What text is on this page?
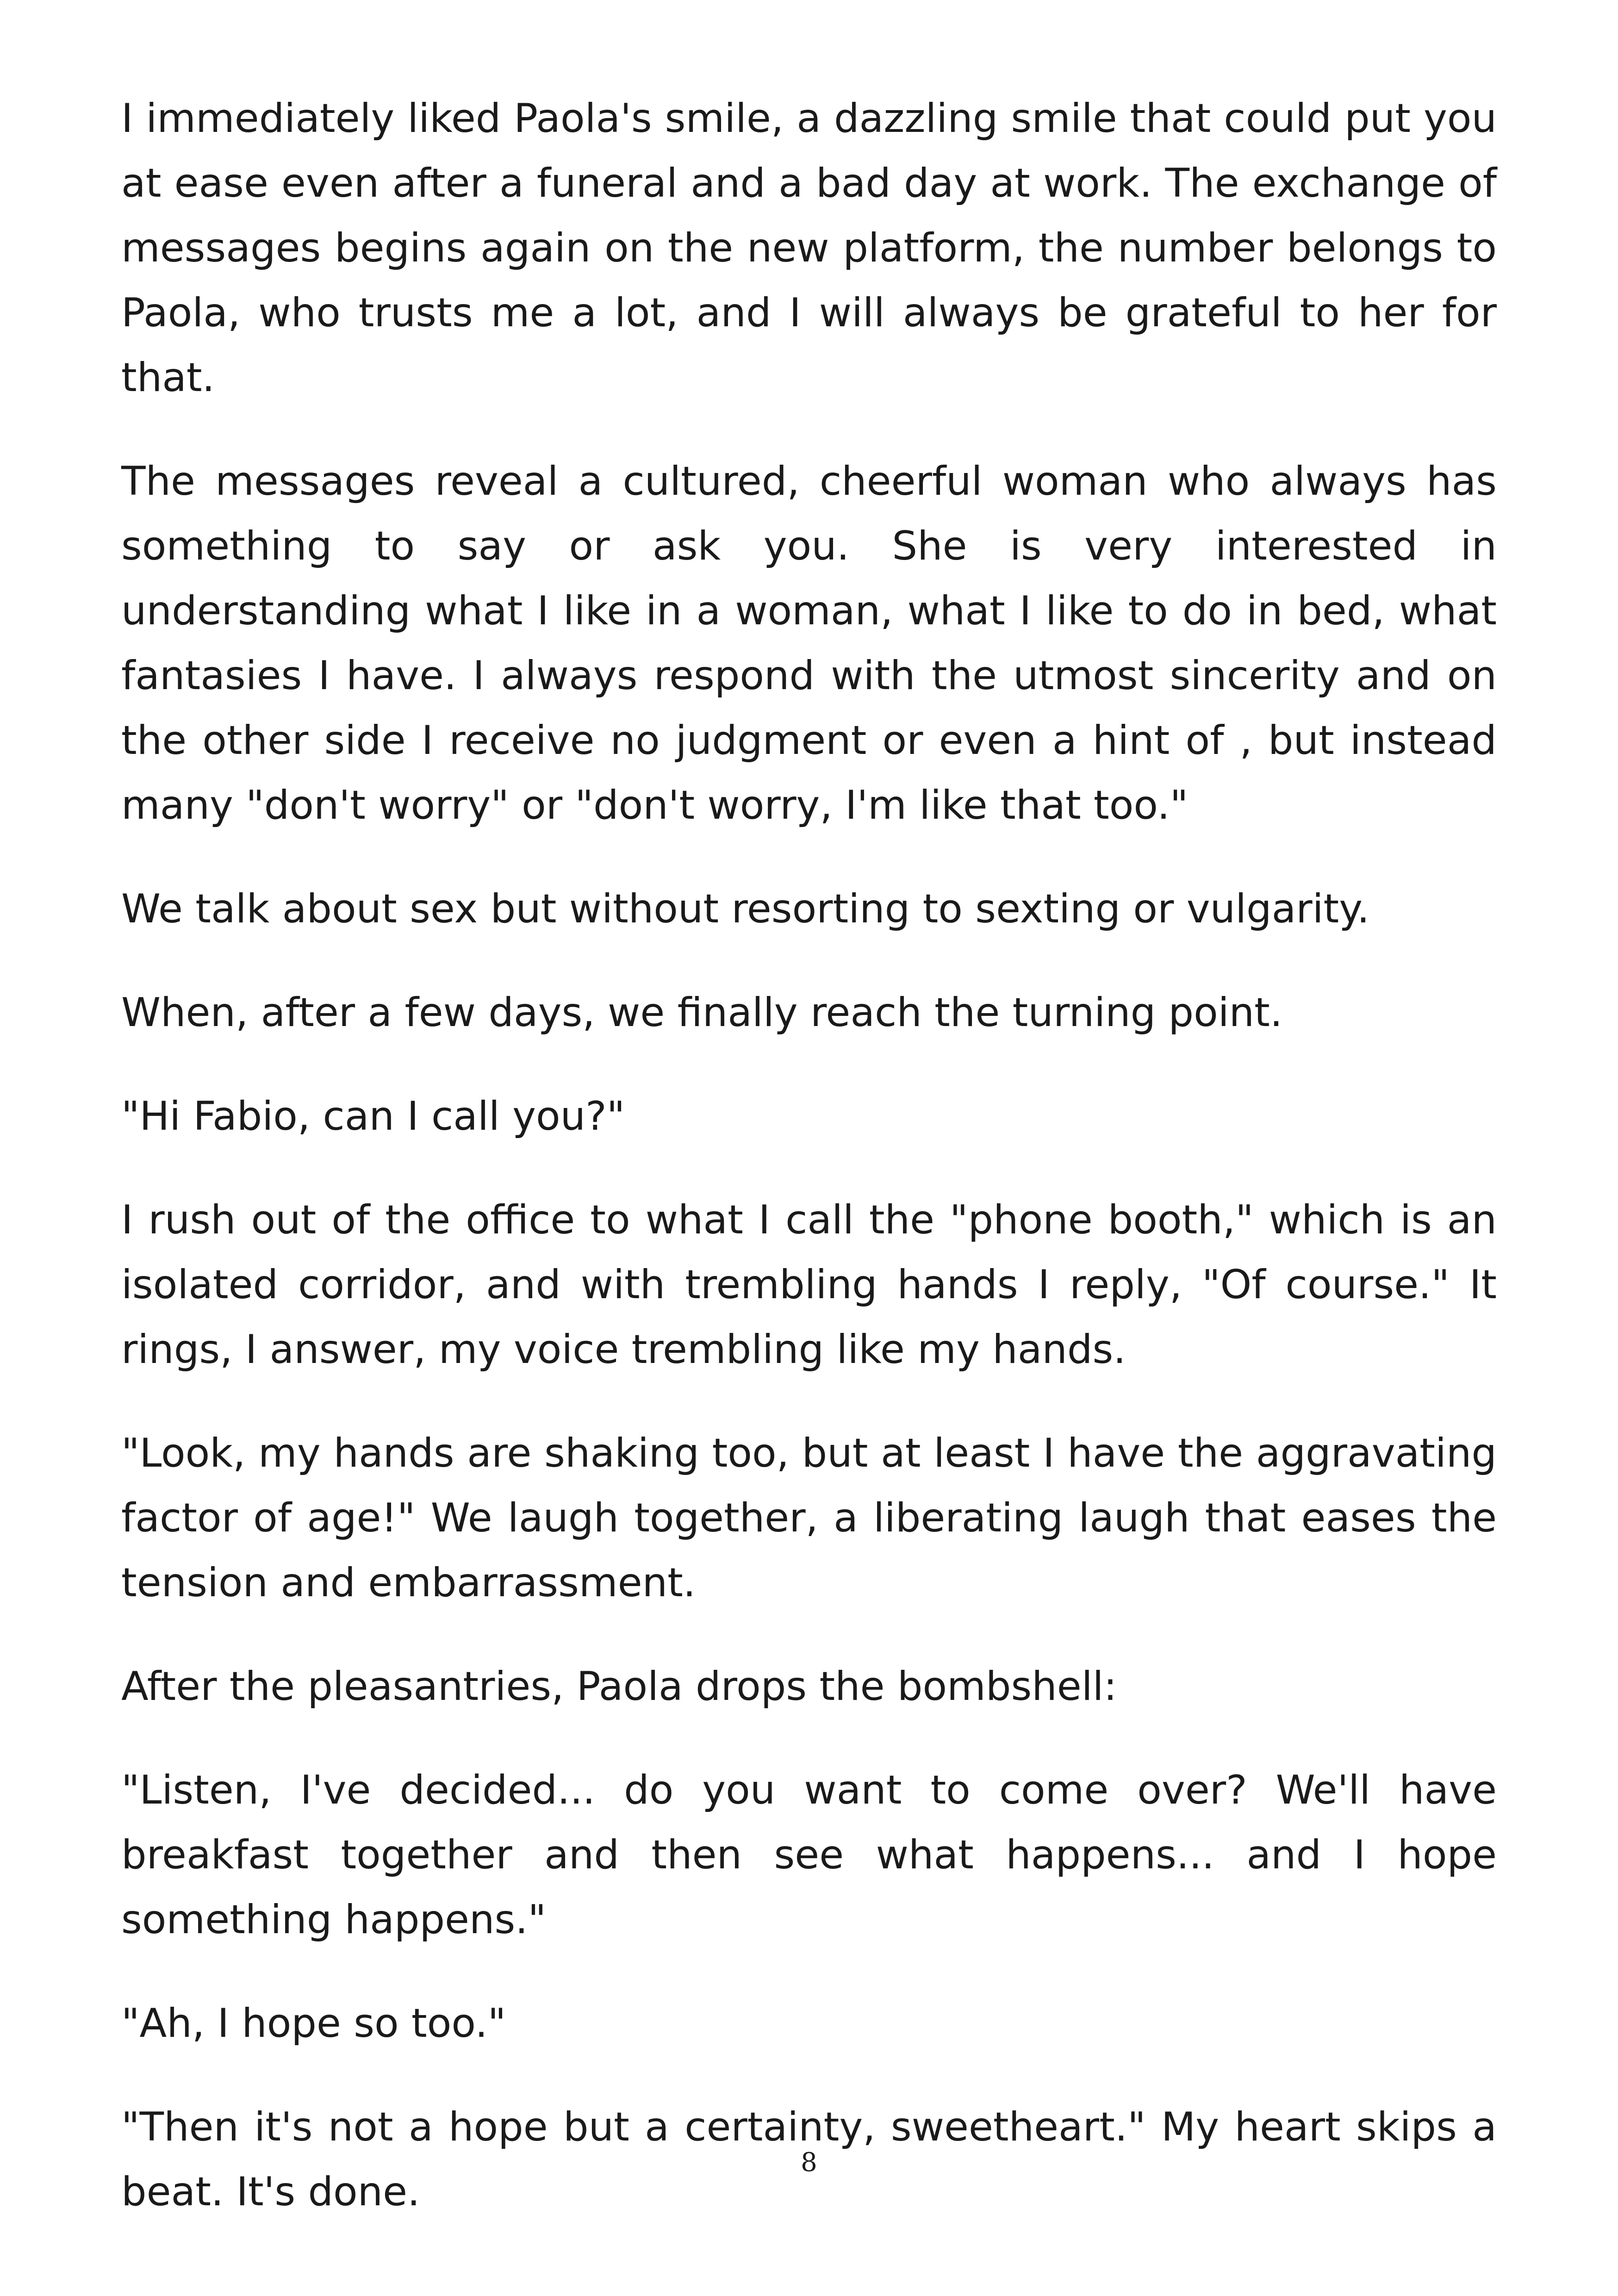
I immediately liked Paola's smile, a dazzling smile that could put you at ease even after a funeral and a bad day at work. The exchange of messages begins again on the new platform, the number belongs to Paola, who trusts me a lot, and I will always be grateful to her for that.

The messages reveal a cultured, cheerful woman who always has something to say or ask you. She is very interested in understanding what I like in a woman, what I like to do in bed, what fantasies I have. I always respond with the utmost sincerity and on the other side I receive no judgment or even a hint of , but instead many "don't worry" or "don't worry, I'm like that too."

We talk about sex but without resorting to sexting or vulgarity.

When, after a few days, we finally reach the turning point.

"Hi Fabio, can I call you?"

I rush out of the office to what I call the "phone booth," which is an isolated corridor, and with trembling hands I reply, "Of course." It rings, I answer, my voice trembling like my hands.

"Look, my hands are shaking too, but at least I have the aggravating factor of age!" We laugh together, a liberating laugh that eases the tension and embarrassment.

After the pleasantries, Paola drops the bombshell:

"Listen, I've decided... do you want to come over? We'll have breakfast together and then see what happens... and I hope something happens."

"Ah, I hope so too."

"Then it's not a hope but a certainty, sweetheart." My heart skips a beat. It's done.

8
